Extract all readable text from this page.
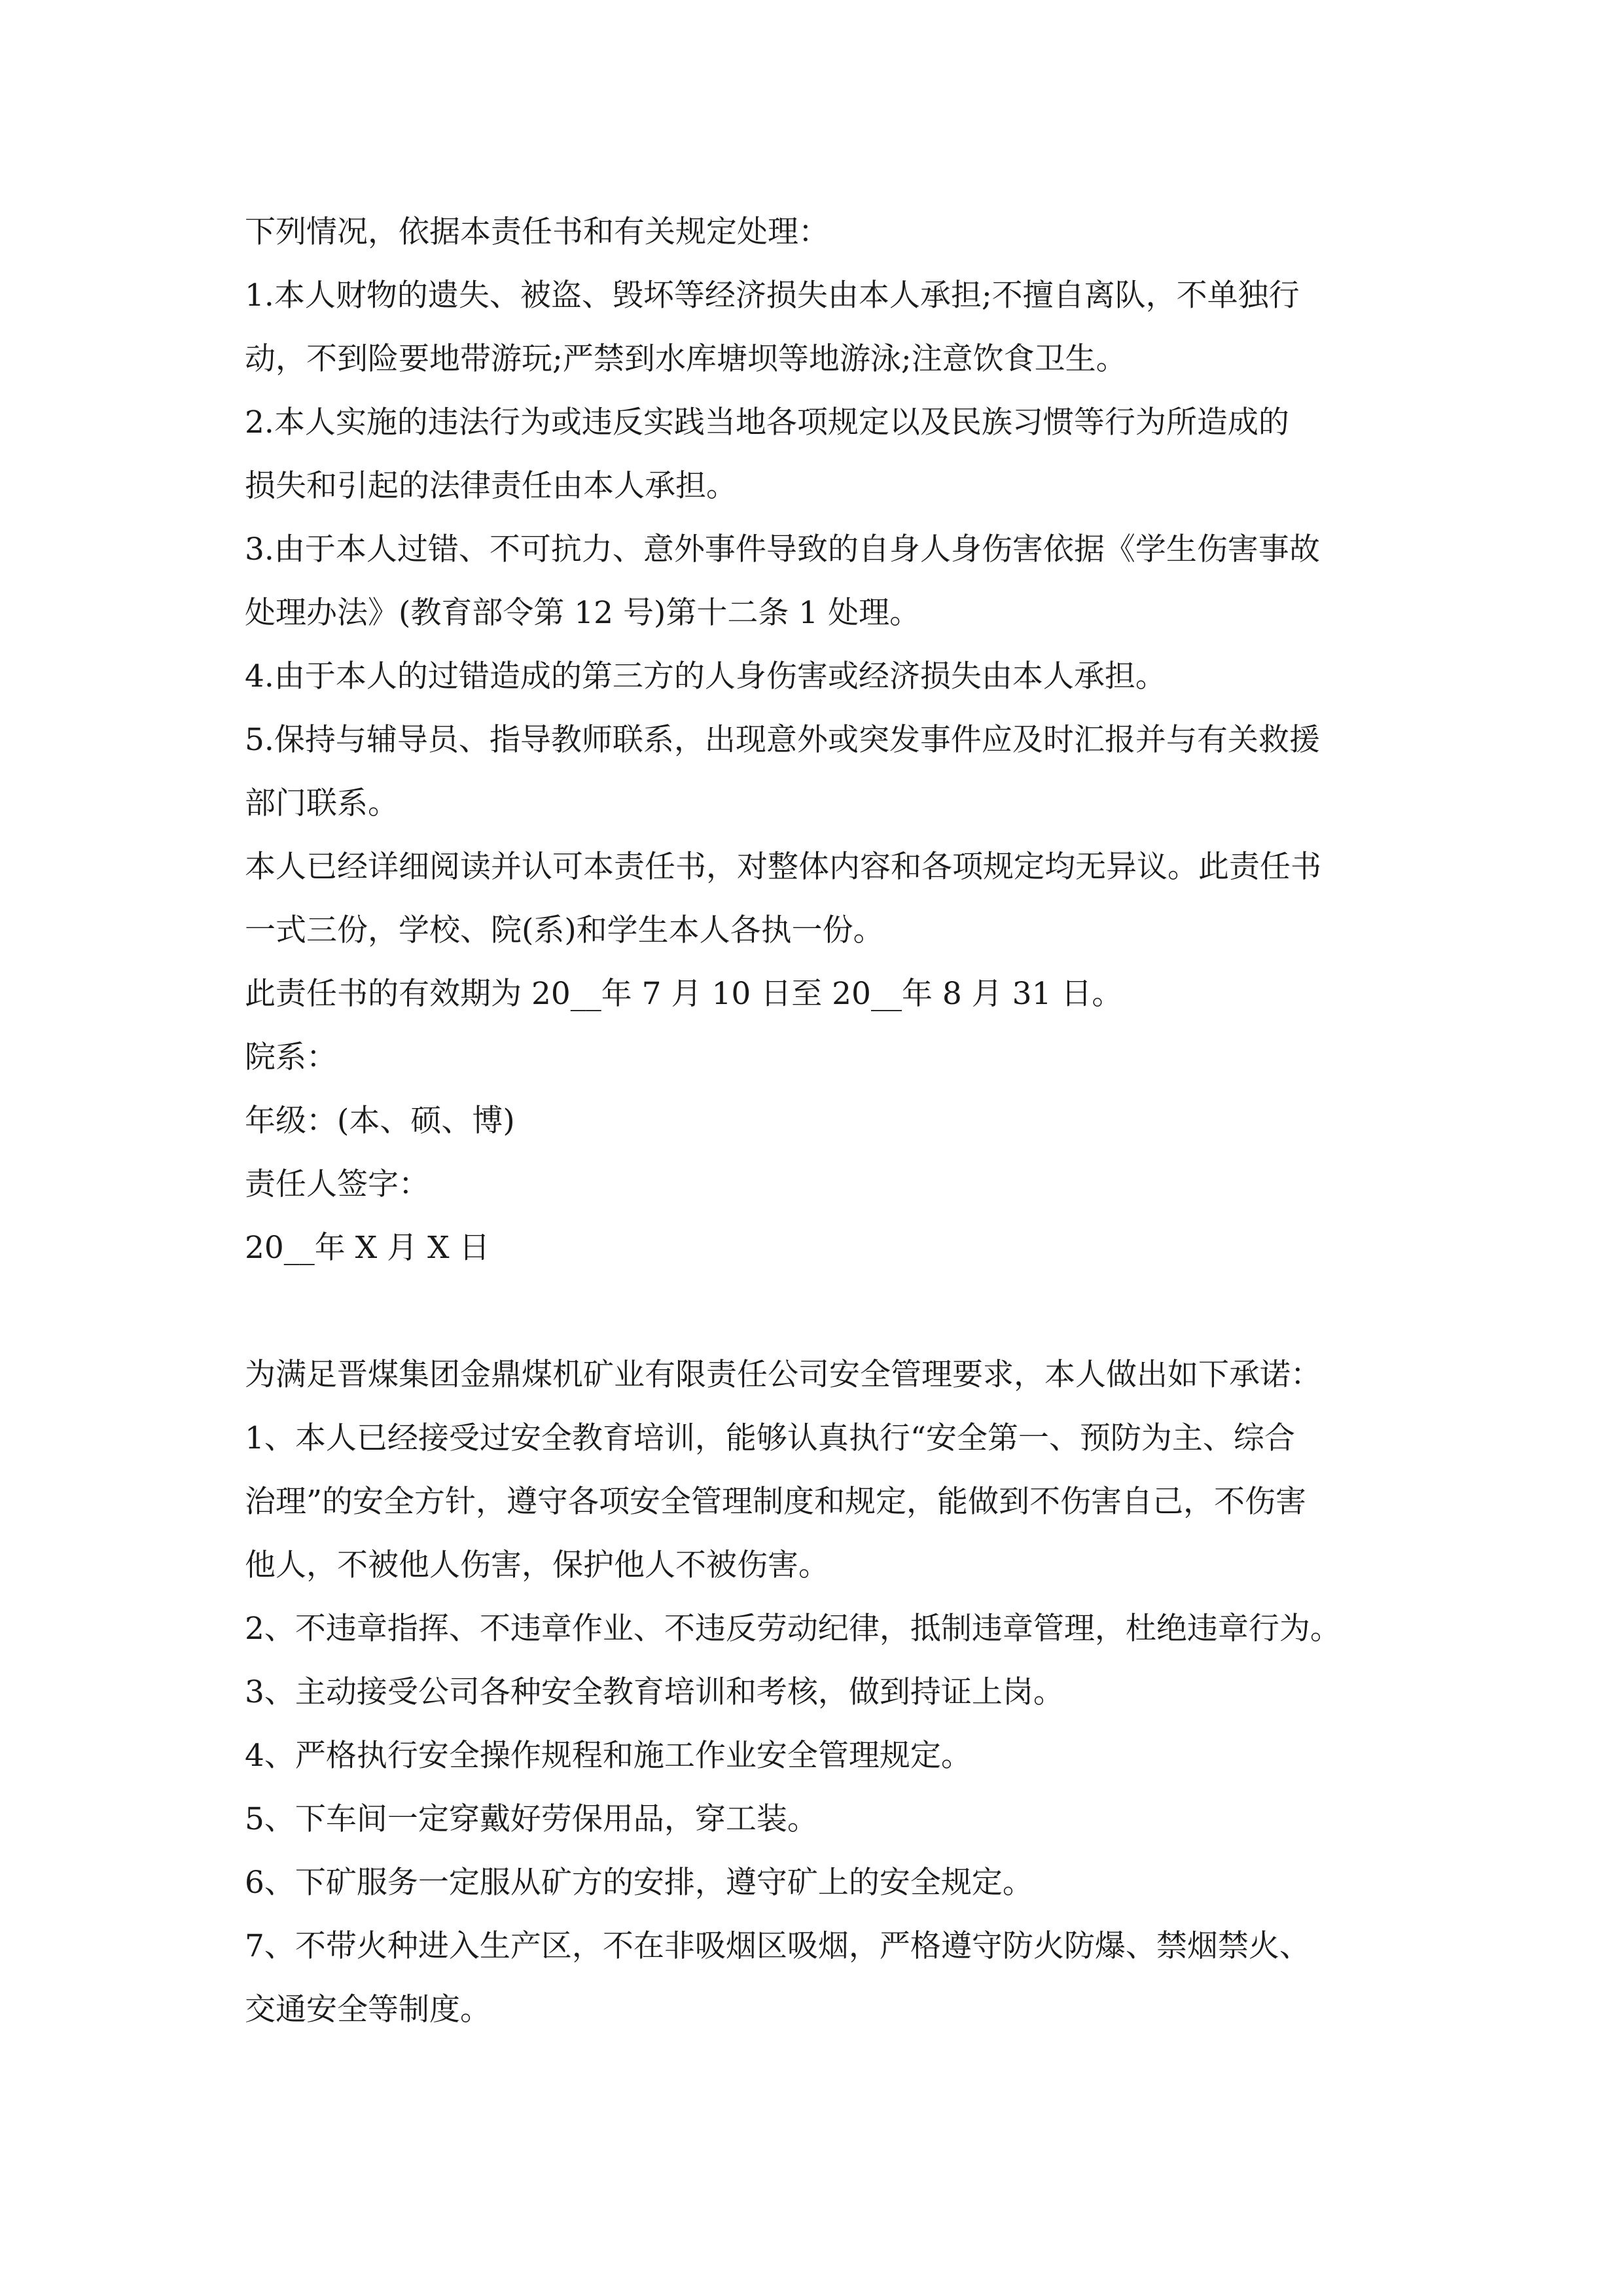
下列情况，依据本责任书和有关规定处理：

1.本人财物的遗失、被盗、毁坏等经济损失由本人承担;不擅自离队，不单独行

动，不到险要地带游玩;严禁到水库塘坝等地游泳;注意饮食卫生。

2.本人实施的违法行为或违反实践当地各项规定以及民族习惯等行为所造成的

损失和引起的法律责任由本人承担。

3.由于本人过错、不可抗力、意外事件导致的自身人身伤害依据《学生伤害事故

处理办法》(教育部令第 12 号)第十二条 1 处理。

4.由于本人的过错造成的第三方的人身伤害或经济损失由本人承担。

5.保持与辅导员、指导教师联系，出现意外或突发事件应及时汇报并与有关救援

部门联系。

本人已经详细阅读并认可本责任书，对整体内容和各项规定均无异议。此责任书

一式三份，学校、院(系)和学生本人各执一份。

此责任书的有效期为 20__年 7 月 10 日至 20__年 8 月 31 日。

院系：

年级：(本、硕、博)

责任人签字：

20__年 X 月 X 日

为满足晋煤集团金鼎煤机矿业有限责任公司安全管理要求，本人做出如下承诺：

1、本人已经接受过安全教育培训，能够认真执行“安全第一、预防为主、综合

治理”的安全方针，遵守各项安全管理制度和规定，能做到不伤害自己，不伤害

他人，不被他人伤害，保护他人不被伤害。

2、不违章指挥、不违章作业、不违反劳动纪律，抵制违章管理，杜绝违章行为。

3、主动接受公司各种安全教育培训和考核，做到持证上岗。

4、严格执行安全操作规程和施工作业安全管理规定。

5、下车间一定穿戴好劳保用品，穿工装。

6、下矿服务一定服从矿方的安排，遵守矿上的安全规定。

7、不带火种进入生产区，不在非吸烟区吸烟，严格遵守防火防爆、禁烟禁火、

交通安全等制度。
